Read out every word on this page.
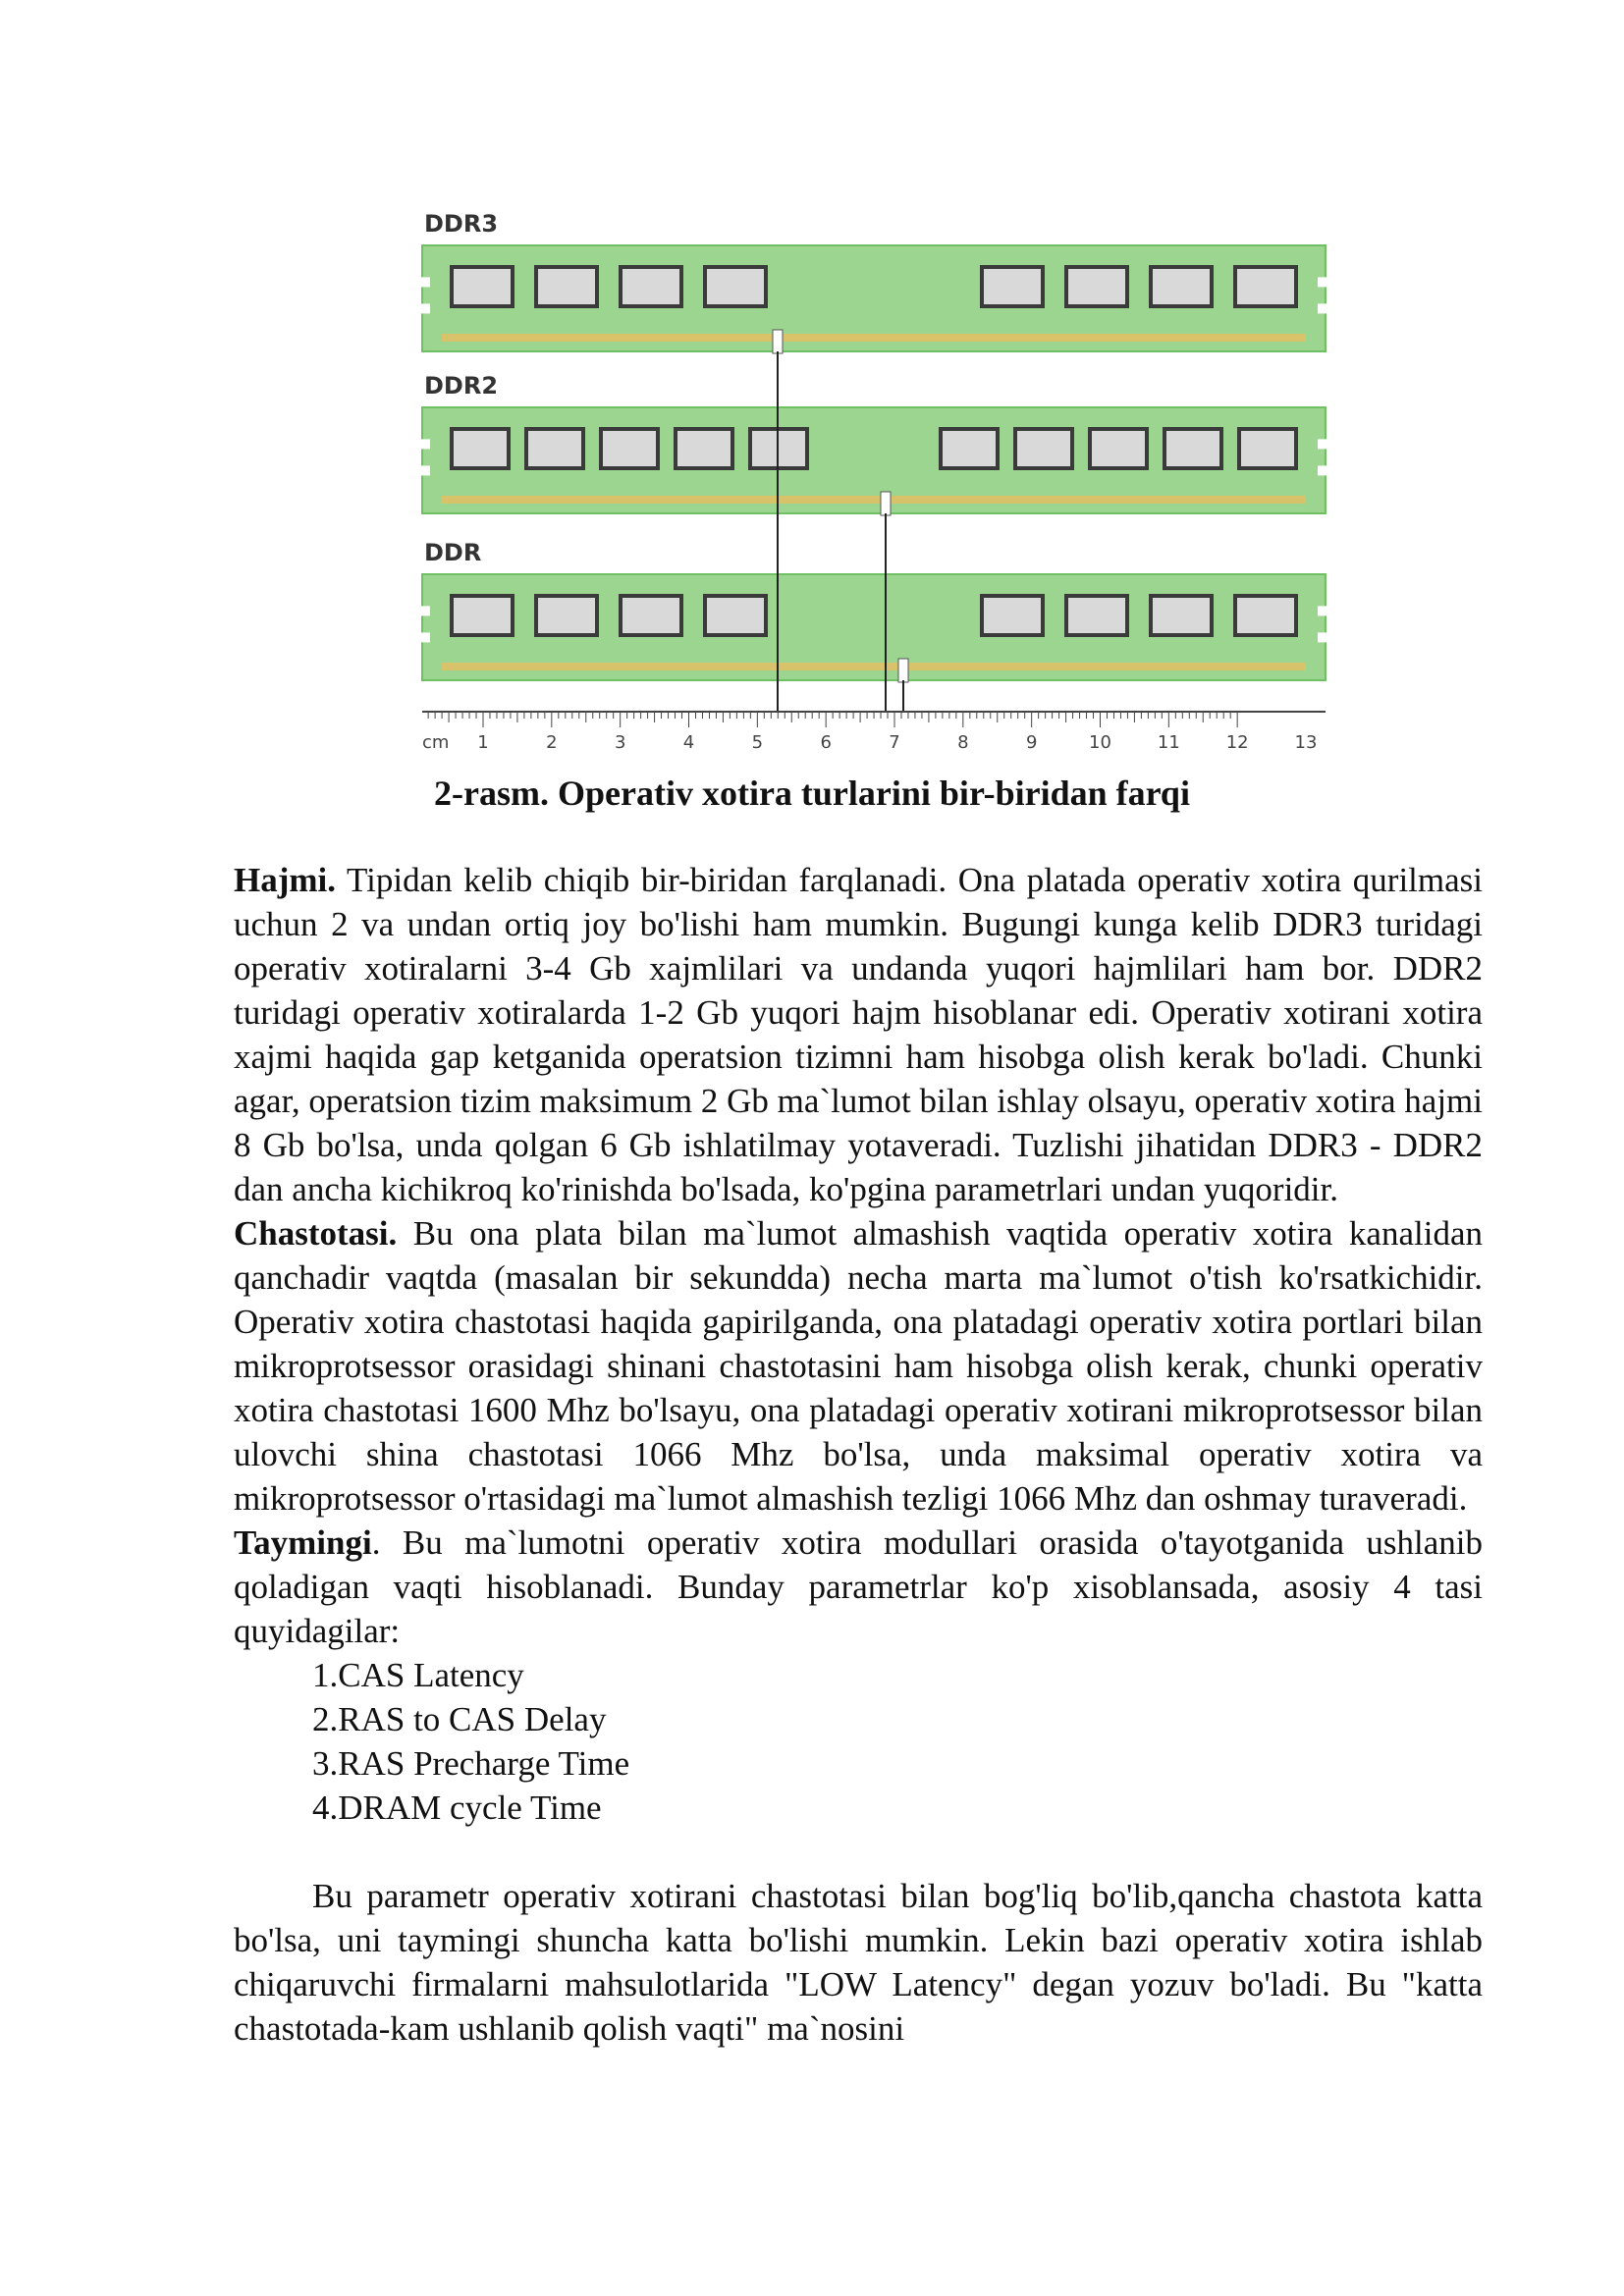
DDR3
DDR2
DDR
cm 1	2	3	4	5	6	7	8	9	10	11	12	13
2-rasm. Operativ xotira turlarini bir-biridan farqi

Hajmi. Tipidan kelib chiqib bir-biridan farqlanadi. Ona platada operativ xotira qurilmasi uchun 2 va undan ortiq joy bo'lishi ham mumkin. Bugungi kunga kelib DDR3 turidagi operativ xotiralarni 3-4 Gb xajmlilari va undanda yuqori hajmlilari ham bor. DDR2 turidagi operativ xotiralarda 1-2 Gb yuqori hajm hisoblanar edi. Operativ xotirani xotira xajmi haqida gap ketganida operatsion tizimni ham hisobga olish kerak bo'ladi. Chunki agar, operatsion tizim maksimum 2 Gb ma`lumot bilan ishlay olsayu, operativ xotira hajmi 8 Gb bo'lsa, unda qolgan 6 Gb ishlatilmay yotaveradi. Tuzlishi jihatidan DDR3 - DDR2 dan ancha kichikroq ko'rinishda bo'lsada, ko'pgina parametrlari undan yuqoridir.

Chastotasi. Bu ona plata bilan ma`lumot almashish vaqtida operativ xotira kanalidan qanchadir vaqtda (masalan bir sekundda) necha marta ma`lumot o'tish ko'rsatkichidir. Operativ xotira chastotasi haqida gapirilganda, ona platadagi operativ xotira portlari bilan mikroprotsessor orasidagi shinani chastotasini ham hisobga olish kerak, chunki operativ xotira chastotasi 1600 Mhz bo'lsayu, ona platadagi operativ xotirani mikroprotsessor bilan ulovchi shina chastotasi 1066 Mhz bo'lsa, unda maksimal operativ xotira va mikroprotsessor o'rtasidagi ma`lumot almashish tezligi 1066 Mhz dan oshmay turaveradi.

Taymingi. Bu ma`lumotni operativ xotira modullari orasida o'tayotganida ushlanib qoladigan vaqti hisoblanadi. Bunday parametrlar ko'p xisoblansada, asosiy 4 tasi quyidagilar:

1.CAS Latency
2.RAS to CAS Delay
3.RAS Precharge Time
4.DRAM cycle Time

Bu parametr operativ xotirani chastotasi bilan bog'liq bo'lib,qancha chastota katta bo'lsa, uni taymingi shuncha katta bo'lishi mumkin. Lekin bazi operativ xotira ishlab chiqaruvchi firmalarni mahsulotlarida "LOW Latency" degan yozuv bo'ladi. Bu "katta chastotada-kam ushlanib qolish vaqti" ma`nosini
